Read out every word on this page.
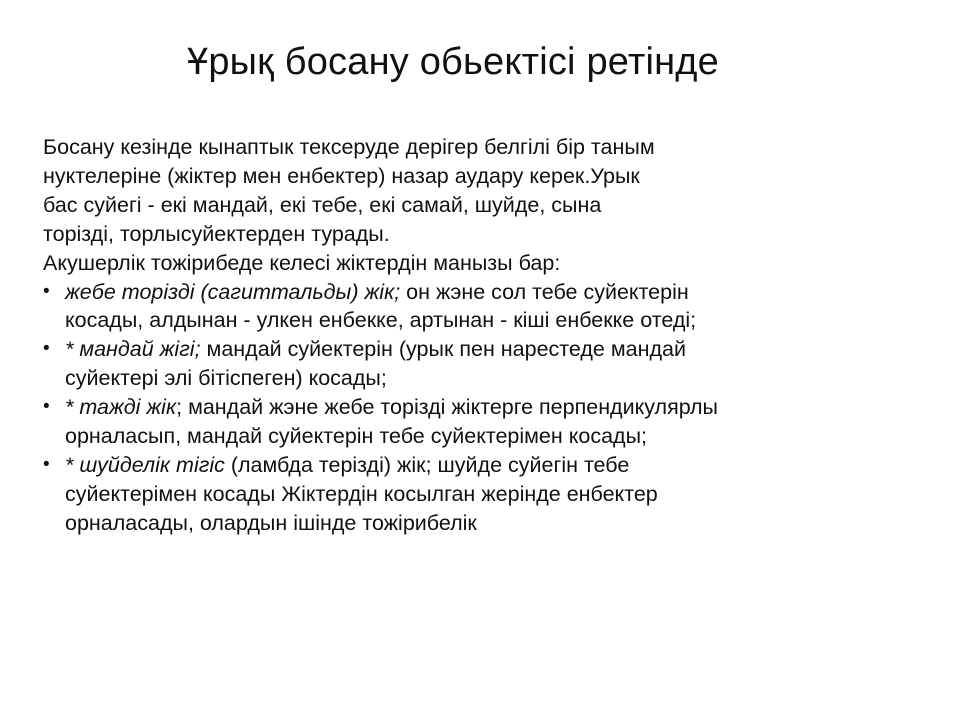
Ұрық босану обьектісі ретінде

Босану кезінде кынаптык тексеруде дерігер белгілі бір таным

нуктелеріне (жіктер мен енбектер) назар аудару керек.Урык

бас суйегі - екі мандай, екі тебе, екі самай, шуйде, сына

торізді, торлысуйектерден турады.

Акушерлік тожірибеде келесі жіктердін манызы бар:

• жебе торізді (сагиттальды) жік; он жэне сол тебе суйектерін косады, алдынан - улкен енбекке, артынан - кіші енбекке отеді;
• * мандай жігі; мандай суйектерін (урык пен нарестеде мандай суйектері элі бітіспеген) косады;
• * таждi жiк; мандай жэне жебе торізді жіктерге перпендикулярлы орналасып, мандай суйектерін тебе суйектерімен косады;
• * шуйделік тігіс (ламбда терізді) жік; шуйде суйегін тебе суйектерімен косады Жіктердін косылган жерінде енбектер орналасады, олардын ішінде тожірибелік
